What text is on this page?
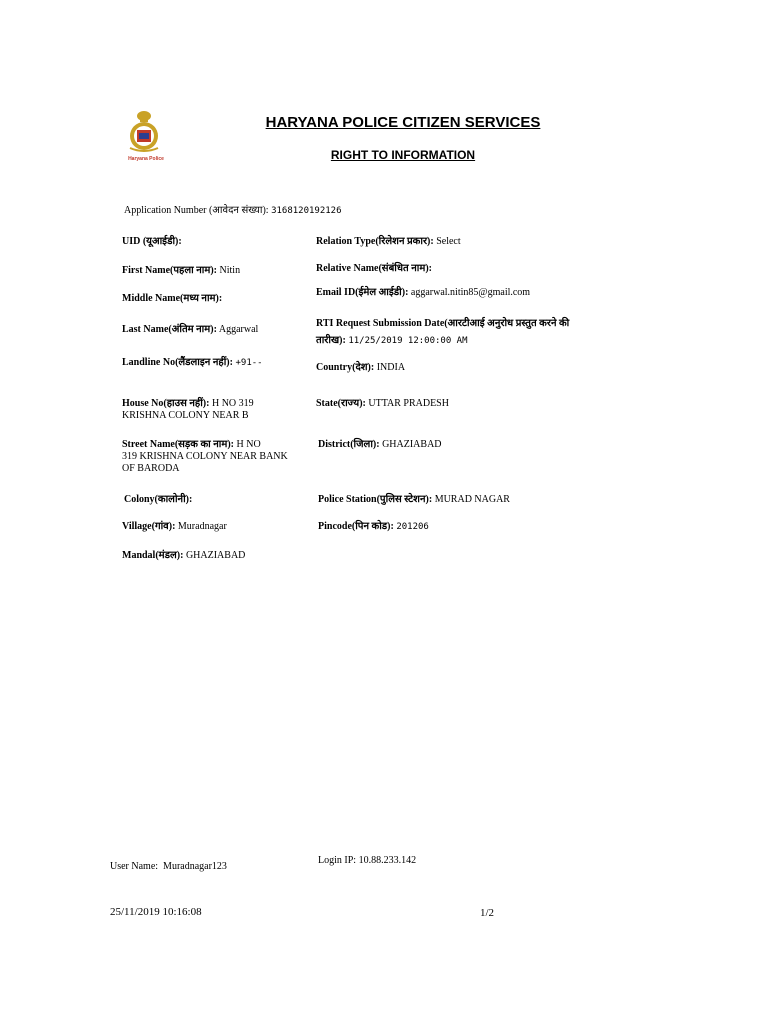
Haryana Police
HARYANA POLICE CITIZEN SERVICES
RIGHT TO INFORMATION
Application Number (आवेदन संख्या): 3168120192126
UID (यूआईडी):
First Name(पहला नाम): Nitin
Middle Name(मध्य नाम):
Last Name(अंतिम नाम): Aggarwal
Landline No(लैंडलाइन नहीं): +91--
House No(हाउस नहीं): H NO 319
KRISHNA COLONY NEAR B
Street Name(सड़क का नाम): H NO
319 KRISHNA COLONY NEAR BANK
OF BARODA
Colony(कालोनी):
Village(गांव): Muradnagar
Mandal(मंडल): GHAZIABAD
Relation Type(रिलेशन प्रकार): Select
Relative Name(संबंधित नाम):
Email ID(ईमेल आईडी): aggarwal.nitin85@gmail.com
RTI Request Submission Date(आरटीआई अनुरोध प्रस्तुत करने की
तारीख): 11/25/2019 12:00:00 AM
Country(देश): INDIA
State(राज्य): UTTAR PRADESH
District(जिला): GHAZIABAD
Police Station(पुलिस स्टेशन): MURAD NAGAR
Pincode(पिन कोड): 201206
User Name: Muradnagar123
Login IP: 10.88.233.142
25/11/2019 10:16:08	1/2
